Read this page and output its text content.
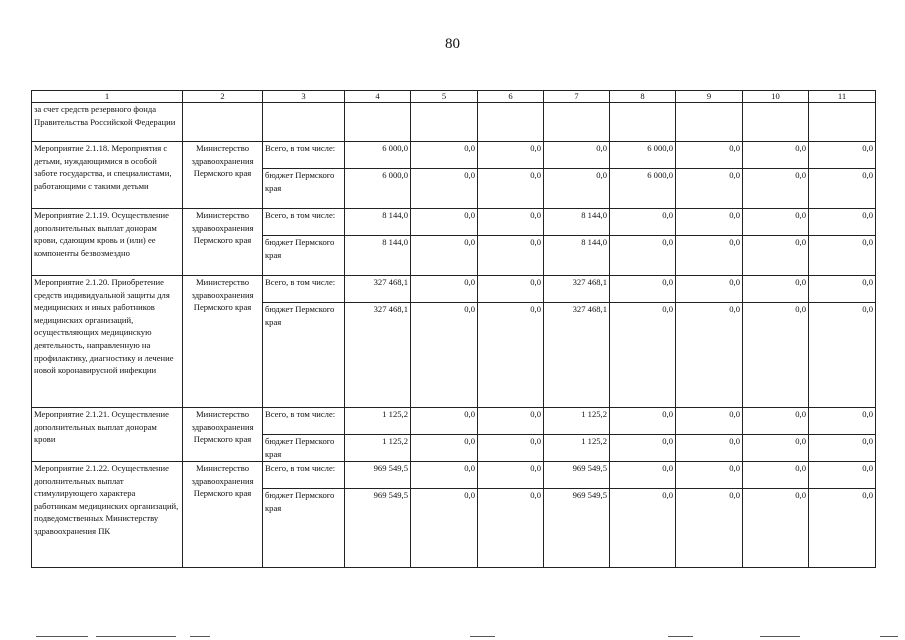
80
1	2	3	4	5	6	7	8	9	10	11
за счет средств резервного фонда Правительства Российской Федерации										
Мероприятие 2.1.18. Мероприятия с детьми, нуждающимися в особой заботе государства, и специалистами, работающими с такими детьми	Министерство здравоохранения Пермского края	Всего, в том числе:	6 000,0	0,0	0,0	0,0	6 000,0	0,0	0,0	0,0
		бюджет Пермского края	6 000,0	0,0	0,0	0,0	6 000,0	0,0	0,0	0,0
Мероприятие 2.1.19. Осуществление дополнительных выплат донорам крови, сдающим кровь и (или) ее компоненты безвозмездно	Министерство здравоохранения Пермского края	Всего, в том числе:	8 144,0	0,0	0,0	8 144,0	0,0	0,0	0,0	0,0
		бюджет Пермского края	8 144,0	0,0	0,0	8 144,0	0,0	0,0	0,0	0,0
Мероприятие 2.1.20. Приобретение средств индивидуальной защиты для медицинских и иных работников медицинских организаций, осуществляющих медицинскую деятельность, направленную на профилактику, диагностику и лечение новой коронавирусной инфекции	Министерство здравоохранения Пермского края	Всего, в том числе:	327 468,1	0,0	0,0	327 468,1	0,0	0,0	0,0	0,0
		бюджет Пермского края	327 468,1	0,0	0,0	327 468,1	0,0	0,0	0,0	0,0
Мероприятие 2.1.21. Осуществление дополнительных выплат донорам крови	Министерство здравоохранения Пермского края	Всего, в том числе:	1 125,2	0,0	0,0	1 125,2	0,0	0,0	0,0	0,0
		бюджет Пермского края	1 125,2	0,0	0,0	1 125,2	0,0	0,0	0,0	0,0
Мероприятие 2.1.22. Осуществление дополнительных выплат стимулирующего характера работникам медицинских организаций, подведомственных Министерству здравоохранения ПК	Министерство здравоохранения Пермского края	Всего, в том числе:	969 549,5	0,0	0,0	969 549,5	0,0	0,0	0,0	0,0
		бюджет Пермского края	969 549,5	0,0	0,0	969 549,5	0,0	0,0	0,0	0,0
